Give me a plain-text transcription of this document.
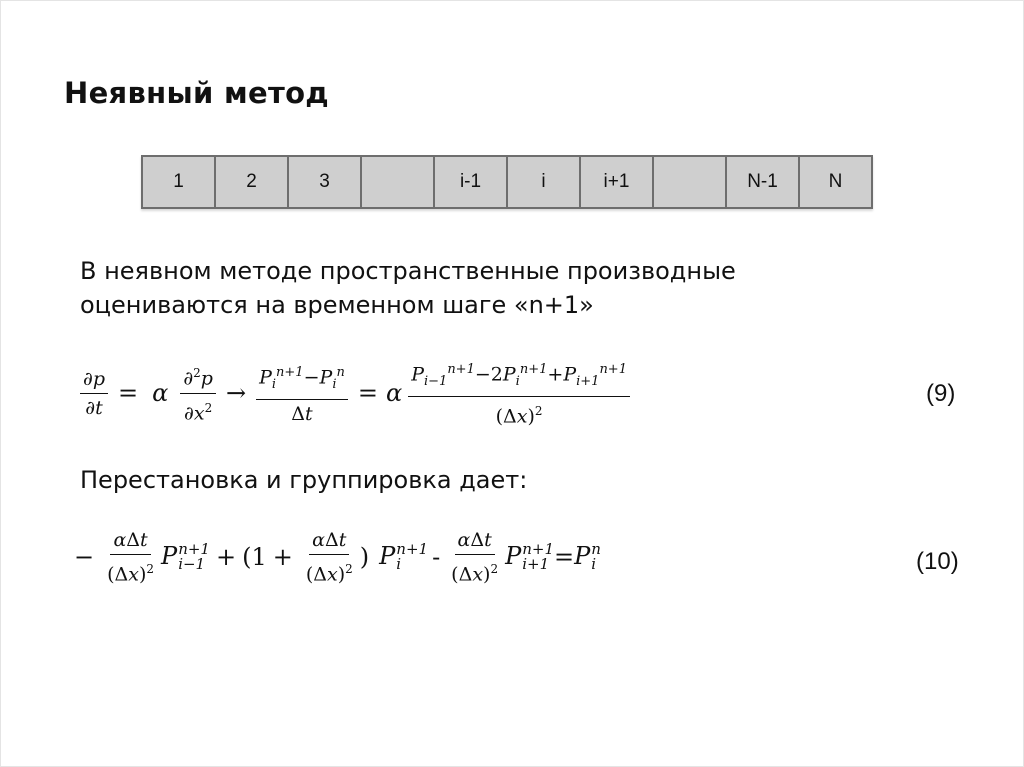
Неявный метод
1	2	3	i-1	i	i+1	N-1	N
В неявном методе пространственные производные
оцениваются на временном шаге «n+1»
$\frac{\partial p}{\partial t} = \alpha \frac{\partial^2p}{\partial x^2} \to \frac{P_i^{n+1}-P_i^n}{\Delta t} = \alpha \frac{P_{i-1}^{n+1}-2P_i^{n+1}+P_{i+1}^{n+1}}{(\Delta x)^2}$	(9)
Перестановка и группировка дает:
− $\frac{\text{αΔt}}{(\Delta x)^2}$ P n+1
$i-1 + (1 + \frac{\text{αΔt}}{(\Delta x)^2}$ ) P n+1
i	- $\frac{\text{αΔt}}{(\Delta x)^2}$ P n+1
i+1 = P n
i	(10)
